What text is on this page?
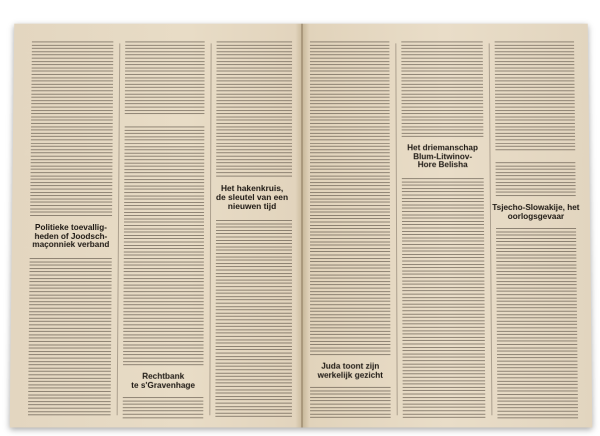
Politieke toevallig-
heden of Joodsch-
maçonniek verband
Rechtbank
te s'Gravenhage
Het hakenkruis,
de sleutel van een
nieuwen tijd
Juda toont zijn
werkelijk gezicht
Het driemanschap
Blum-Litwinov-
Hore Belisha
Tsjecho-Slowakije, het
oorlogsgevaar
